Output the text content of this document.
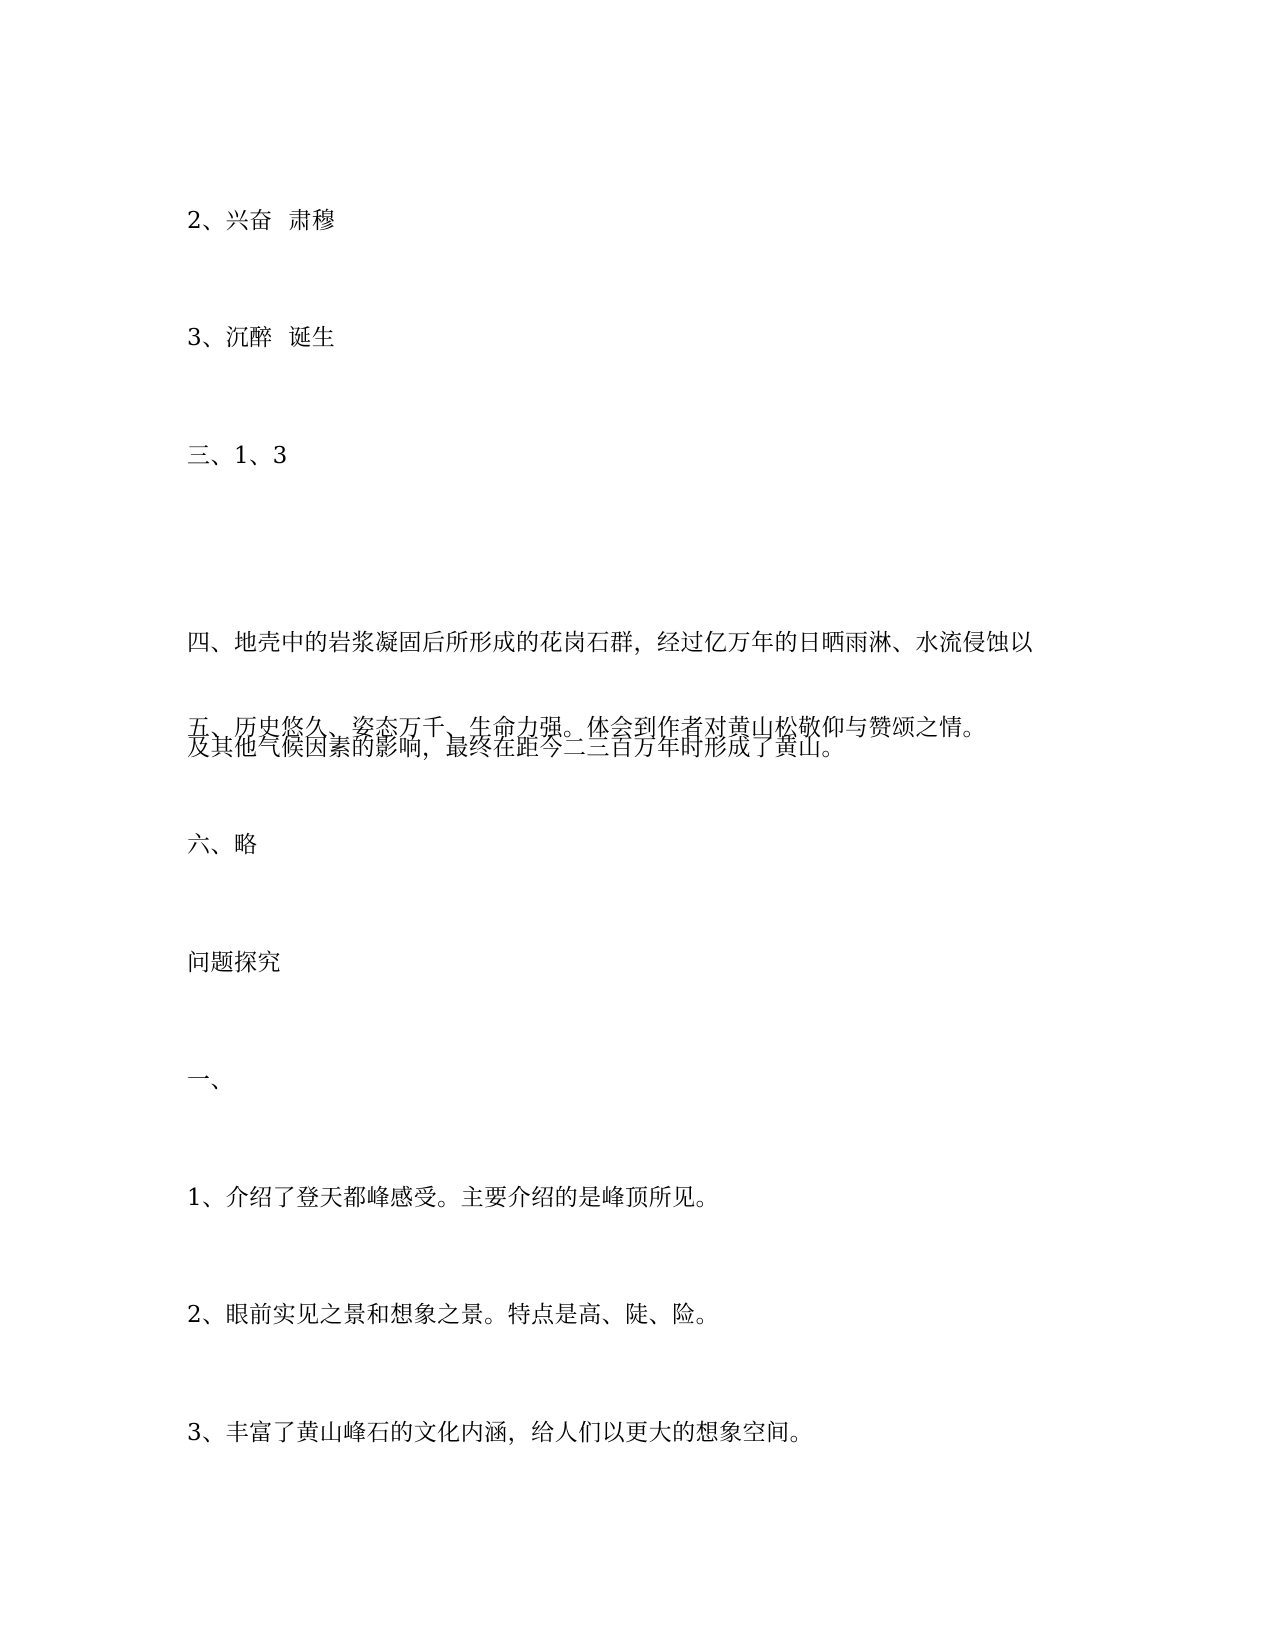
2、兴奋  肃穆
3、沉醉  诞生
三、1、3

四、地壳中的岩浆凝固后所形成的花岗石群，经过亿万年的日晒雨淋、水流侵蚀以

及其他气候因素的影响，最终在距今二三百万年时形成了黄山。

五、历史悠久、姿态万千、生命力强。体会到作者对黄山松敬仰与赞颂之情。
六、略
问题探究
一、
1、介绍了登天都峰感受。主要介绍的是峰顶所见。
2、眼前实见之景和想象之景。特点是高、陡、险。
3、丰富了黄山峰石的文化内涵，给人们以更大的想象空间。
